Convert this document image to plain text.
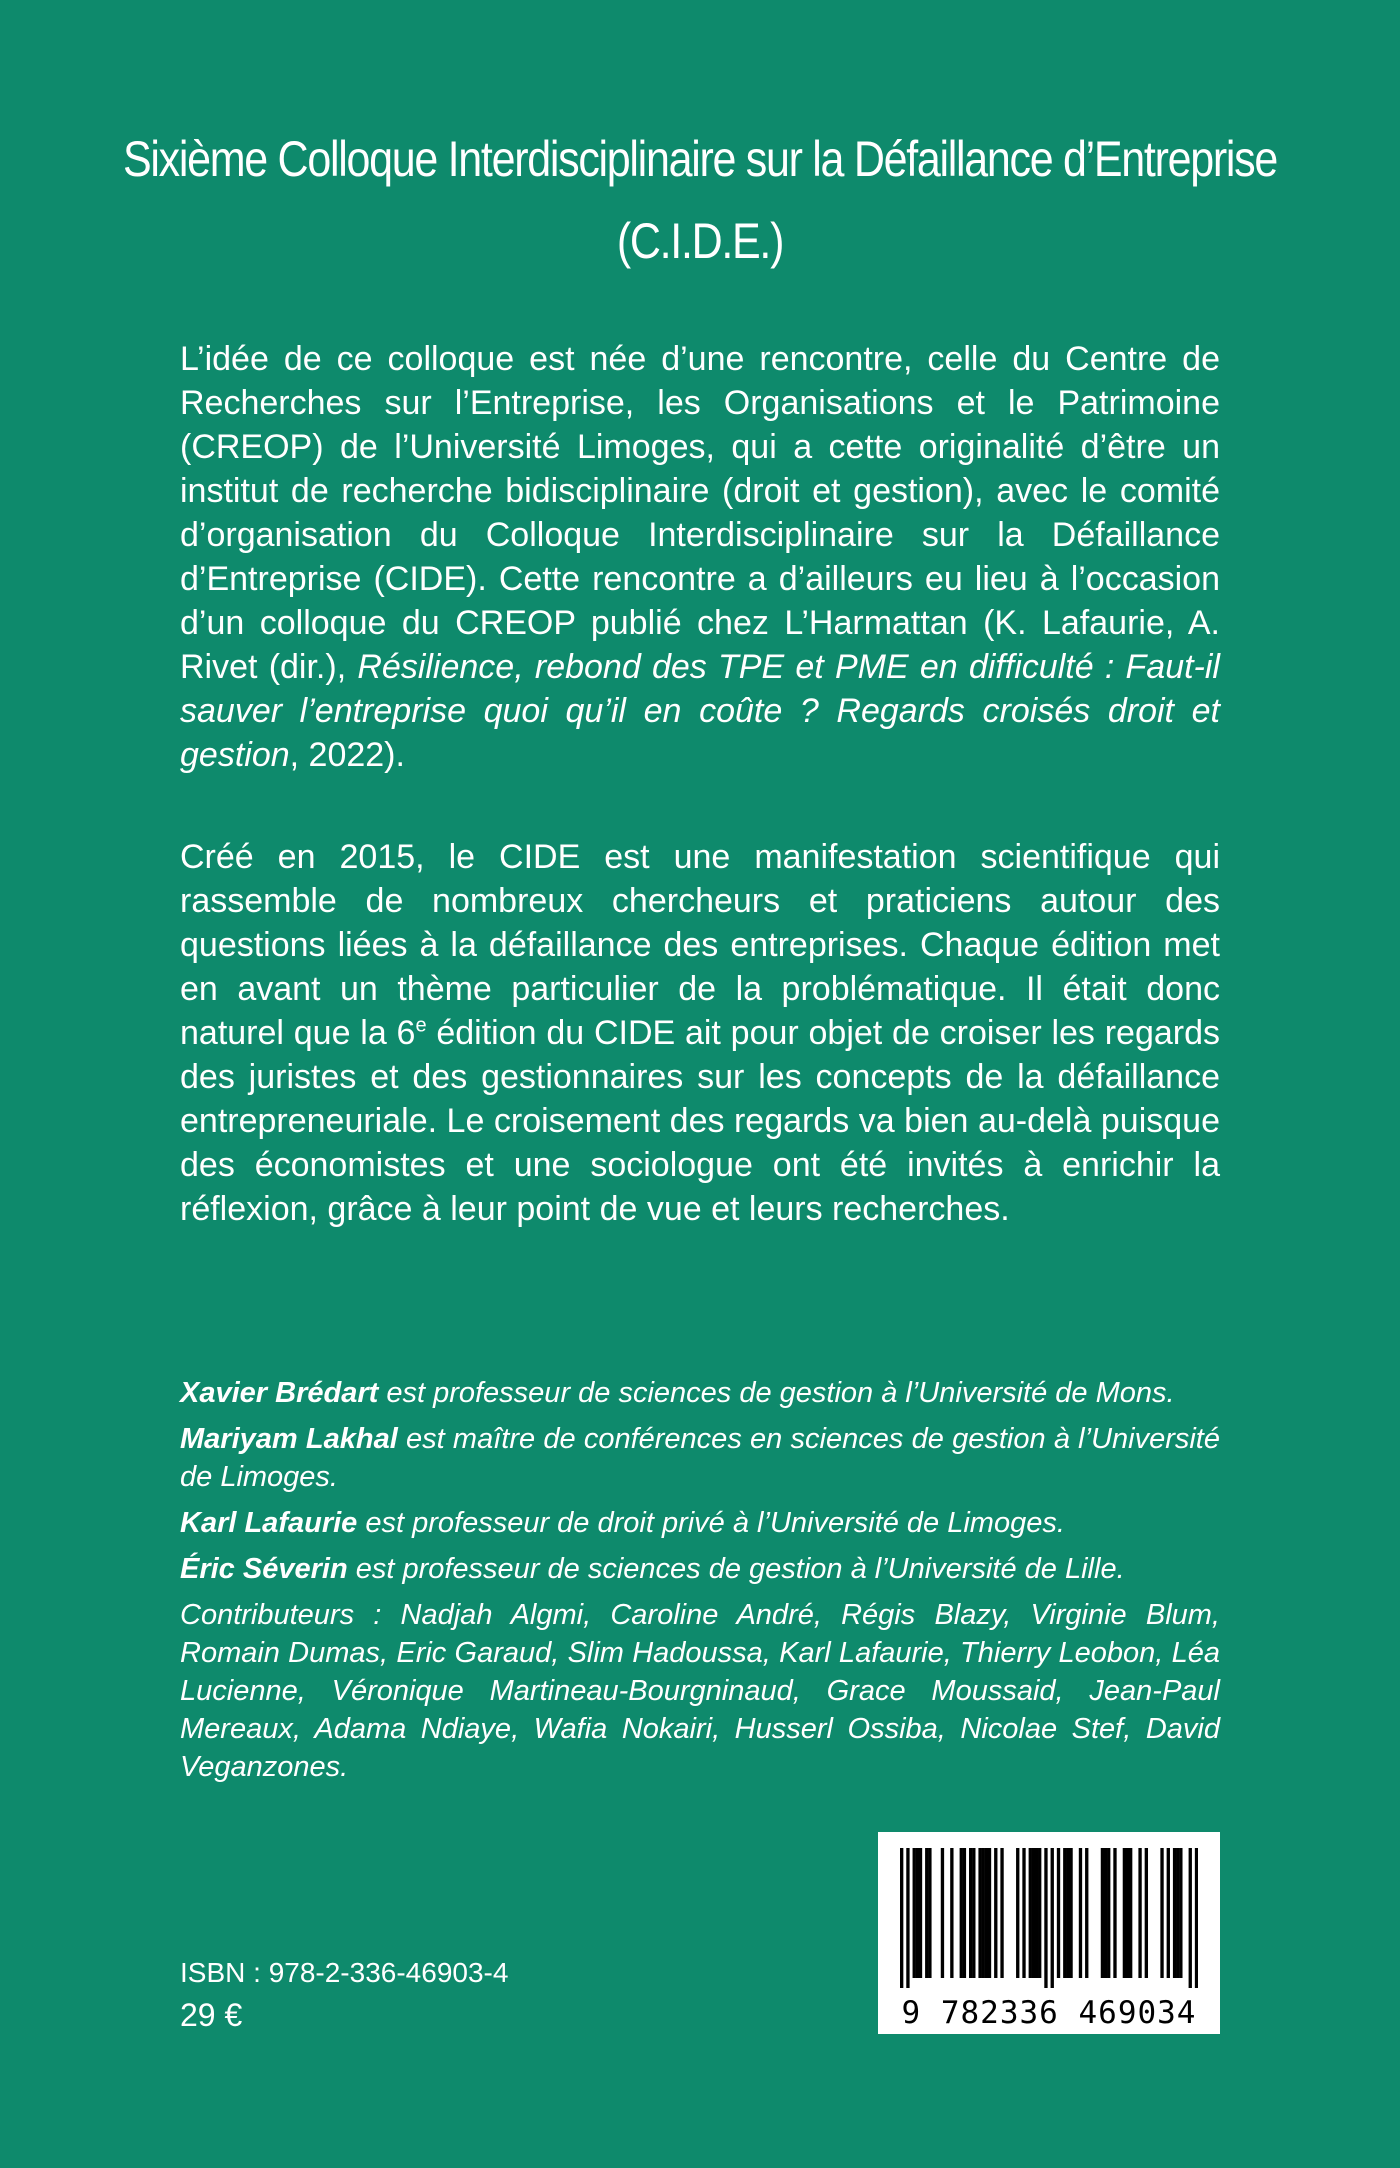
Sixième Colloque Interdisciplinaire sur la Défaillance d’Entreprise
(C.I.D.E.)

L’idée de ce colloque est née d’une rencontre, celle du Centre de Recherches sur l’Entreprise, les Organisations et le Patrimoine (CREOP) de l’Université Limoges, qui a cette originalité d’être un institut de recherche bidisciplinaire (droit et gestion), avec le comité d’organisation du Colloque Interdisciplinaire sur la Défaillance d’Entreprise (CIDE). Cette rencontre a d’ailleurs eu lieu à l’occasion d’un colloque du CREOP publié chez L’Harmattan (K. Lafaurie, A. Rivet (dir.), Résilience, rebond des TPE et PME en difficulté : Faut-il sauver l’entreprise quoi qu’il en coûte ? Regards croisés droit et gestion, 2022).

Créé en 2015, le CIDE est une manifestation scientifique qui rassemble de nombreux chercheurs et praticiens autour des questions liées à la défaillance des entreprises. Chaque édition met en avant un thème particulier de la problématique. Il était donc naturel que la 6e édition du CIDE ait pour objet de croiser les regards des juristes et des gestionnaires sur les concepts de la défaillance entrepreneuriale. Le croisement des regards va bien au-delà puisque des économistes et une sociologue ont été invités à enrichir la réflexion, grâce à leur point de vue et leurs recherches.

Xavier Brédart est professeur de sciences de gestion à l’Université de Mons.

Mariyam Lakhal est maître de conférences en sciences de gestion à l’Université de Limoges.

Karl Lafaurie est professeur de droit privé à l’Université de Limoges.

Éric Séverin est professeur de sciences de gestion à l’Université de Lille.

Contributeurs : Nadjah Algmi, Caroline André, Régis Blazy, Virginie Blum, Romain Dumas, Eric Garaud, Slim Hadoussa, Karl Lafaurie, Thierry Leobon, Léa Lucienne, Véronique Martineau-Bourgninaud, Grace Moussaid, Jean-Paul Mereaux, Adama Ndiaye, Wafia Nokairi, Husserl Ossiba, Nicolae Stef, David Veganzones.

ISBN : 978-2-336-46903-4
29 €	9 782336 469034
